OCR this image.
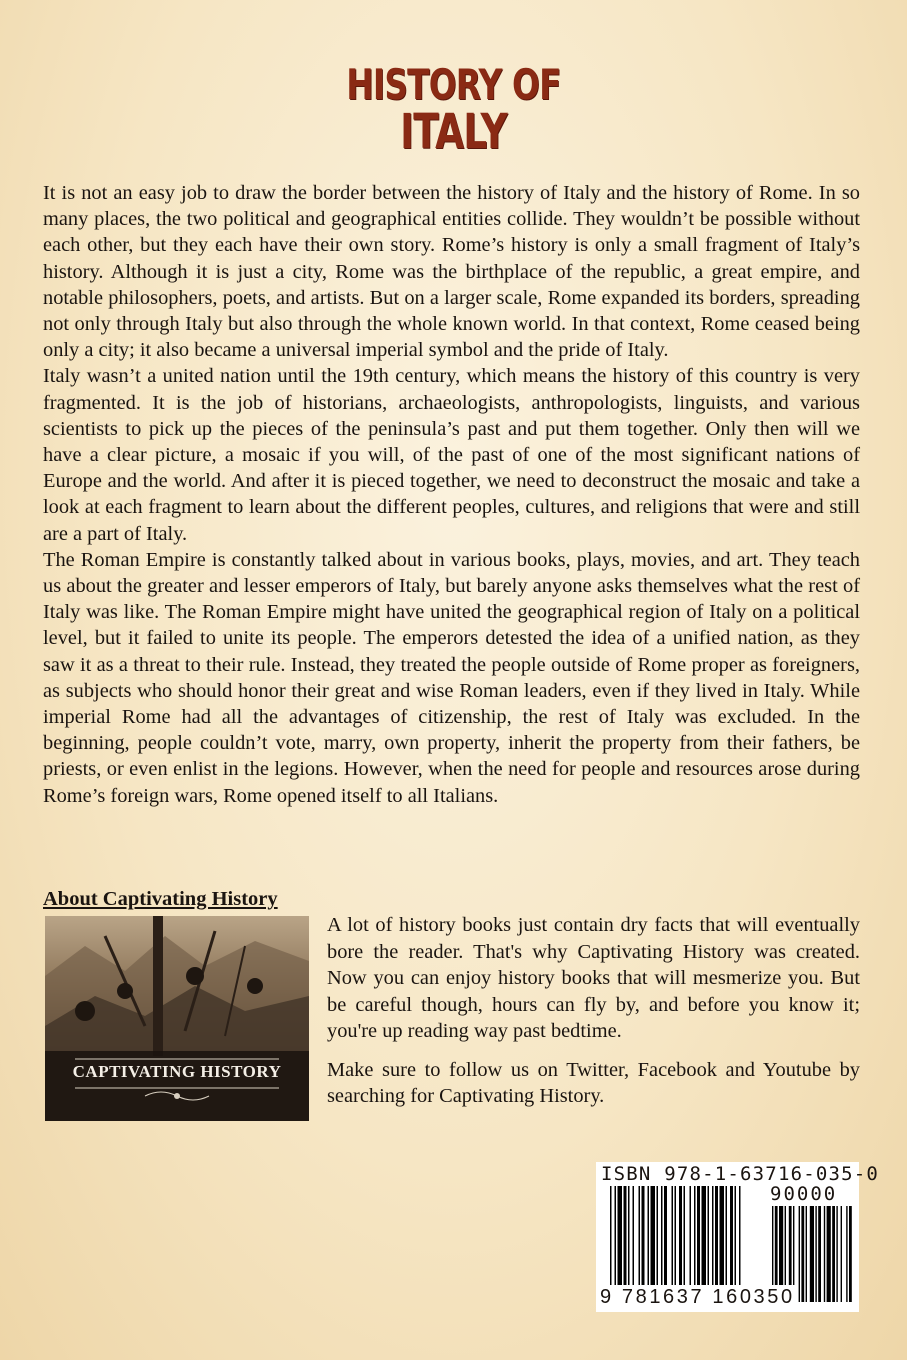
HISTORY OF
ITALY

It is not an easy job to draw the border between the history of Italy and the history of Rome. In so many places, the two political and geographical entities collide. They wouldn’t be possible without each other, but they each have their own story. Rome’s history is only a small fragment of Italy’s history. Although it is just a city, Rome was the birthplace of the republic, a great empire, and notable philosophers, poets, and artists. But on a larger scale, Rome expanded its borders, spreading not only through Italy but also through the whole known world. In that context, Rome ceased being only a city; it also became a universal imperial symbol and the pride of Italy.

Italy wasn’t a united nation until the 19th century, which means the history of this country is very fragmented. It is the job of historians, archaeologists, anthropologists, linguists, and various scientists to pick up the pieces of the peninsula’s past and put them together. Only then will we have a clear picture, a mosaic if you will, of the past of one of the most significant nations of Europe and the world. And after it is pieced together, we need to deconstruct the mosaic and take a look at each fragment to learn about the different peoples, cultures, and religions that were and still are a part of Italy.

The Roman Empire is constantly talked about in various books, plays, movies, and art. They teach us about the greater and lesser emperors of Italy, but barely anyone asks themselves what the rest of Italy was like. The Roman Empire might have united the geographical region of Italy on a political level, but it failed to unite its people. The emperors detested the idea of a unified nation, as they saw it as a threat to their rule. Instead, they treated the people outside of Rome proper as foreigners, as subjects who should honor their great and wise Roman leaders, even if they lived in Italy. While imperial Rome had all the advantages of citizenship, the rest of Italy was excluded. In the beginning, people couldn’t vote, marry, own property, inherit the property from their fathers, be priests, or even enlist in the legions. However, when the need for people and resources arose during Rome’s foreign wars, Rome opened itself to all Italians.

About Captivating History
CAPTIVATING HISTORY

A lot of history books just contain dry facts that will eventually bore the reader. That's why Captivating History was created. Now you can enjoy history books that will mesmerize you. But be careful though, hours can fly by, and before you know it; you're up reading way past bedtime.

Make sure to follow us on Twitter, Facebook and Youtube by searching for Captivating History.

ISBN 978-1-63716-035-0
90000
9 781637 160350
